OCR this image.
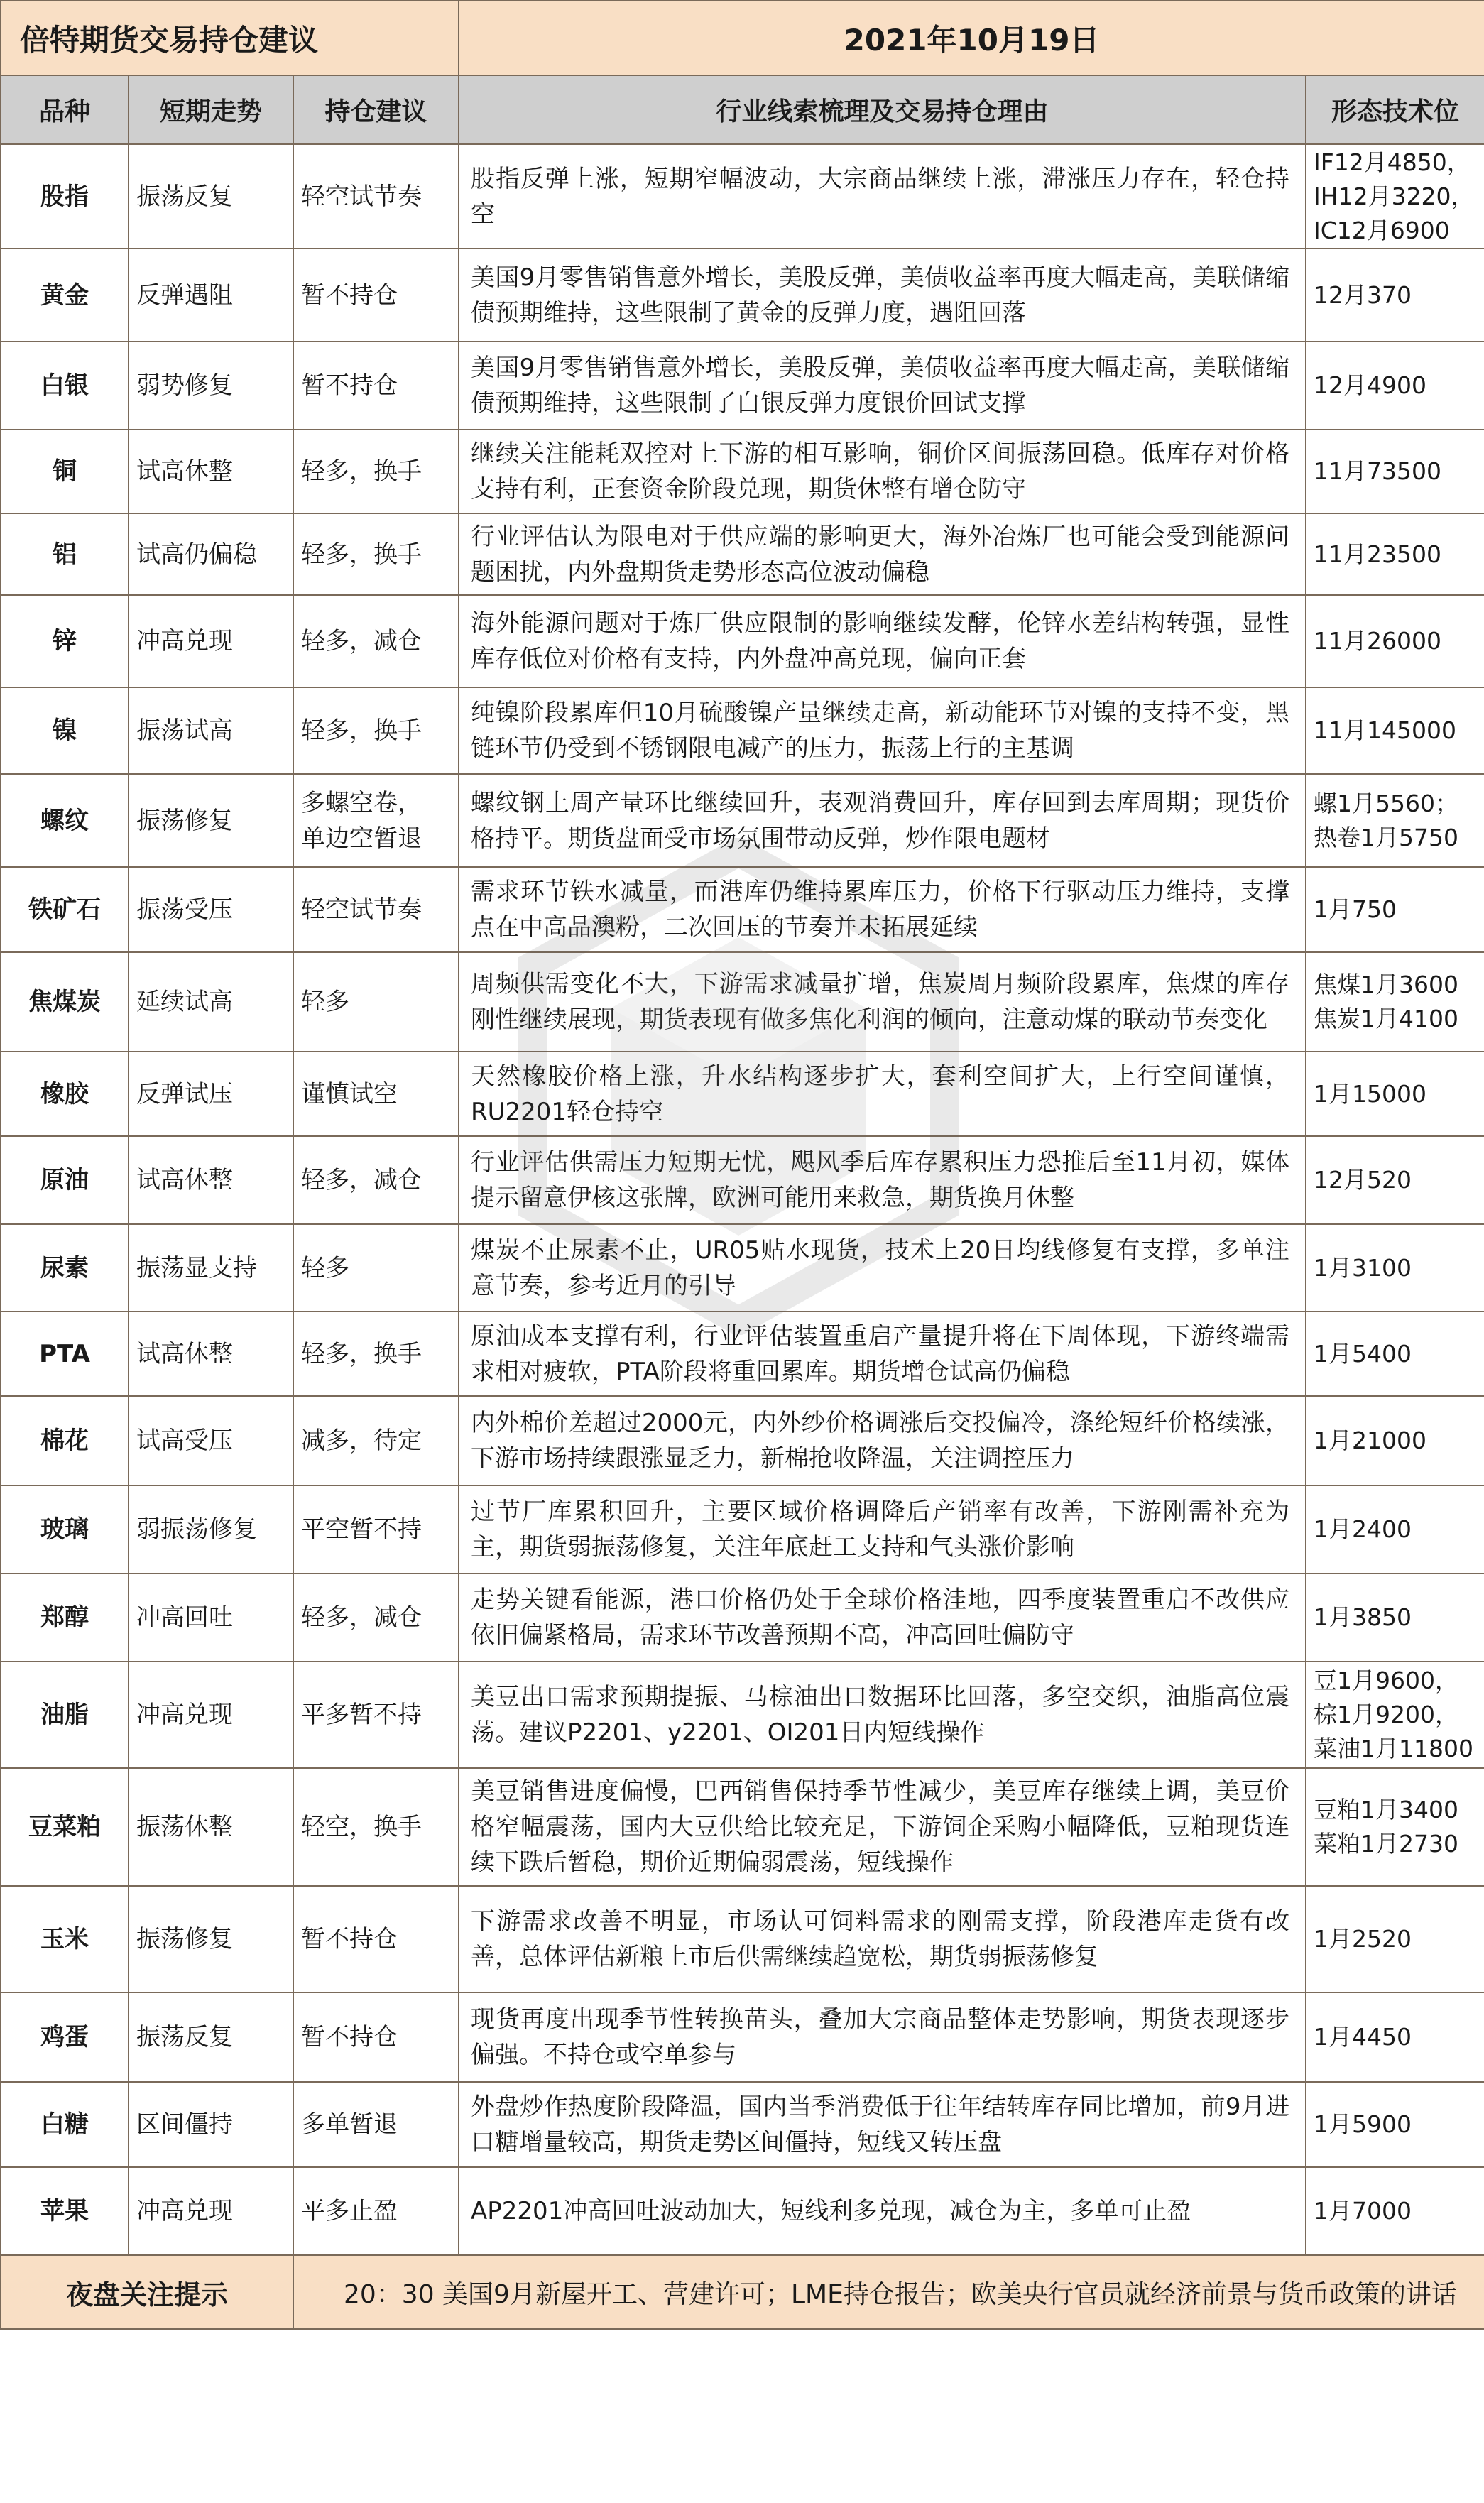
倍特期货交易持仓建议			2021年10月19日	
品种	短期走势	持仓建议	行业线索梳理及交易持仓理由	形态技术位
股指	振荡反复	轻空试节奏	股指反弹上涨，短期窄幅波动，大宗商品继续上涨，滞涨压力存在，轻仓持空	IF12月4850，
IH12月3220，
IC12月6900
黄金	反弹遇阻	暂不持仓	美国9月零售销售意外增长，美股反弹，美债收益率再度大幅走高，美联储缩债预期维持，这些限制了黄金的反弹力度，遇阻回落	12月370
白银	弱势修复	暂不持仓	美国9月零售销售意外增长，美股反弹，美债收益率再度大幅走高，美联储缩债预期维持，这些限制了白银反弹力度银价回试支撑	12月4900
铜	试高休整	轻多，换手	继续关注能耗双控对上下游的相互影响，铜价区间振荡回稳。低库存对价格支持有利，正套资金阶段兑现，期货休整有增仓防守	11月73500
铝	试高仍偏稳	轻多，换手	行业评估认为限电对于供应端的影响更大，海外冶炼厂也可能会受到能源问题困扰，内外盘期货走势形态高位波动偏稳	11月23500
锌	冲高兑现	轻多，减仓	海外能源问题对于炼厂供应限制的影响继续发酵，伦锌水差结构转强，显性库存低位对价格有支持，内外盘冲高兑现，偏向正套	11月26000
镍	振荡试高	轻多，换手	纯镍阶段累库但10月硫酸镍产量继续走高，新动能环节对镍的支持不变，黑链环节仍受到不锈钢限电减产的压力，振荡上行的主基调	11月145000
螺纹	振荡修复	多螺空卷，
单边空暂退	螺纹钢上周产量环比继续回升，表观消费回升，库存回到去库周期；现货价格持平。期货盘面受市场氛围带动反弹，炒作限电题材	螺1月5560；
热卷1月5750
铁矿石	振荡受压	轻空试节奏	需求环节铁水减量，而港库仍维持累库压力，价格下行驱动压力维持，支撑点在中高品澳粉，二次回压的节奏并未拓展延续	1月750
焦煤炭	延续试高	轻多	周频供需变化不大，下游需求减量扩增，焦炭周月频阶段累库，焦煤的库存刚性继续展现，期货表现有做多焦化利润的倾向，注意动煤的联动节奏变化	焦煤1月3600
焦炭1月4100
橡胶	反弹试压	谨慎试空	天然橡胶价格上涨，升水结构逐步扩大，套利空间扩大，上行空间谨慎，RU2201轻仓持空	1月15000
原油	试高休整	轻多，减仓	行业评估供需压力短期无忧，飓风季后库存累积压力恐推后至11月初，媒体提示留意伊核这张牌，欧洲可能用来救急，期货换月休整	12月520
尿素	振荡显支持	轻多	煤炭不止尿素不止，UR05贴水现货，技术上20日均线修复有支撑，多单注意节奏，参考近月的引导	1月3100
PTA	试高休整	轻多，换手	原油成本支撑有利，行业评估装置重启产量提升将在下周体现，下游终端需求相对疲软，PTA阶段将重回累库。期货增仓试高仍偏稳	1月5400
棉花	试高受压	减多，待定	内外棉价差超过2000元，内外纱价格调涨后交投偏冷，涤纶短纤价格续涨，下游市场持续跟涨显乏力，新棉抢收降温，关注调控压力	1月21000
玻璃	弱振荡修复	平空暂不持	过节厂库累积回升，主要区域价格调降后产销率有改善，下游刚需补充为主，期货弱振荡修复，关注年底赶工支持和气头涨价影响	1月2400
郑醇	冲高回吐	轻多，减仓	走势关键看能源，港口价格仍处于全球价格洼地，四季度装置重启不改供应依旧偏紧格局，需求环节改善预期不高，冲高回吐偏防守	1月3850
油脂	冲高兑现	平多暂不持	美豆出口需求预期提振、马棕油出口数据环比回落，多空交织，油脂高位震荡。建议P2201、y2201、OI201日内短线操作	豆1月9600，
棕1月9200，
菜油1月11800
豆菜粕	振荡休整	轻空，换手	美豆销售进度偏慢，巴西销售保持季节性减少，美豆库存继续上调，美豆价格窄幅震荡，国内大豆供给比较充足，下游饲企采购小幅降低，豆粕现货连续下跌后暂稳，期价近期偏弱震荡，短线操作	豆粕1月3400
菜粕1月2730
玉米	振荡修复	暂不持仓	下游需求改善不明显，市场认可饲料需求的刚需支撑，阶段港库走货有改善，总体评估新粮上市后供需继续趋宽松，期货弱振荡修复	1月2520
鸡蛋	振荡反复	暂不持仓	现货再度出现季节性转换苗头，叠加大宗商品整体走势影响，期货表现逐步偏强。不持仓或空单参与	1月4450
白糖	区间僵持	多单暂退	外盘炒作热度阶段降温，国内当季消费低于往年结转库存同比增加，前9月进口糖增量较高，期货走势区间僵持，短线又转压盘	1月5900
苹果	冲高兑现	平多止盈	AP2201冲高回吐波动加大，短线利多兑现，减仓为主，多单可止盈	1月7000
夜盘关注提示		20：30 美国9月新屋开工、营建许可；LME持仓报告；欧美央行官员就经济前景与货币政策的讲话		
